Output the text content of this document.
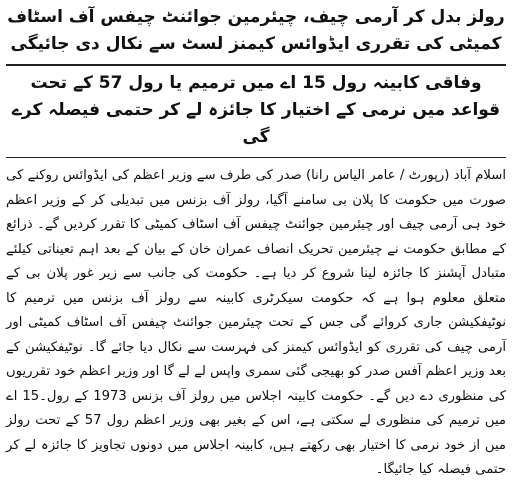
رولز بدل کر آرمی چیف، چیئرمین جوائنٹ چیفس آف اسٹاف کمیٹی کی تقرری ایڈوائس کیمنز لسٹ سے نکال دی جائیگی
وفاقی کابینہ رول 15 اے میں ترمیم یا رول 57 کے تحت قواعد میں نرمی کے اختیار کا جائزہ لے کر حتمی فیصلہ کرے گی
اسلام آباد (رپورٹ / عامر الیاس رانا) صدر کی طرف سے وزیر اعظم کی ایڈوائس روکنے کی صورت میں حکومت کا پلان بی سامنے آگیا، رولز آف بزنس میں تبدیلی کر کے وزیر اعظم خود ہی آرمی چیف اور چیئرمین جوائنٹ چیفس آف اسٹاف کمیٹی کا تقرر کردیں گے۔ ذرائع کے مطابق حکومت نے چیئرمین تحریک انصاف عمران خان کے بیان کے بعد اہم تعیناتی کیلئے متبادل آپشنز کا جائزہ لینا شروع کر دیا ہے۔ حکومت کی جانب سے زیر غور پلان بی کے متعلق معلوم ہوا ہے کہ حکومت سیکرٹری کابینہ سے رولز آف بزنس میں ترمیم کا نوٹیفکیشن جاری کروائے گی جس کے تحت چیئرمین جوائنٹ چیفس آف اسٹاف کمیٹی اور آرمی چیف کی تقرری کو ایڈوائس کیمنز کی فہرست سے نکال دیا جائے گا۔ نوٹیفکیشن کے بعد وزیر اعظم آفس صدر کو بھیجی گئی سمری واپس لے لے گا اور وزیر اعظم خود تقرریوں کی منظوری دے دیں گے۔ حکومت کابینہ اجلاس میں رولز آف بزنس 1973 کے رول۔15 اے میں ترمیم کی منظوری لے سکتی ہے، اس کے بغیر بھی وزیر اعظم رول 57 کے تحت رولز میں از خود نرمی کا اختیار بھی رکھتے ہیں، کابینہ اجلاس میں دونوں تجاویز کا جائزہ لے کر حتمی فیصلہ کیا جائیگا۔
